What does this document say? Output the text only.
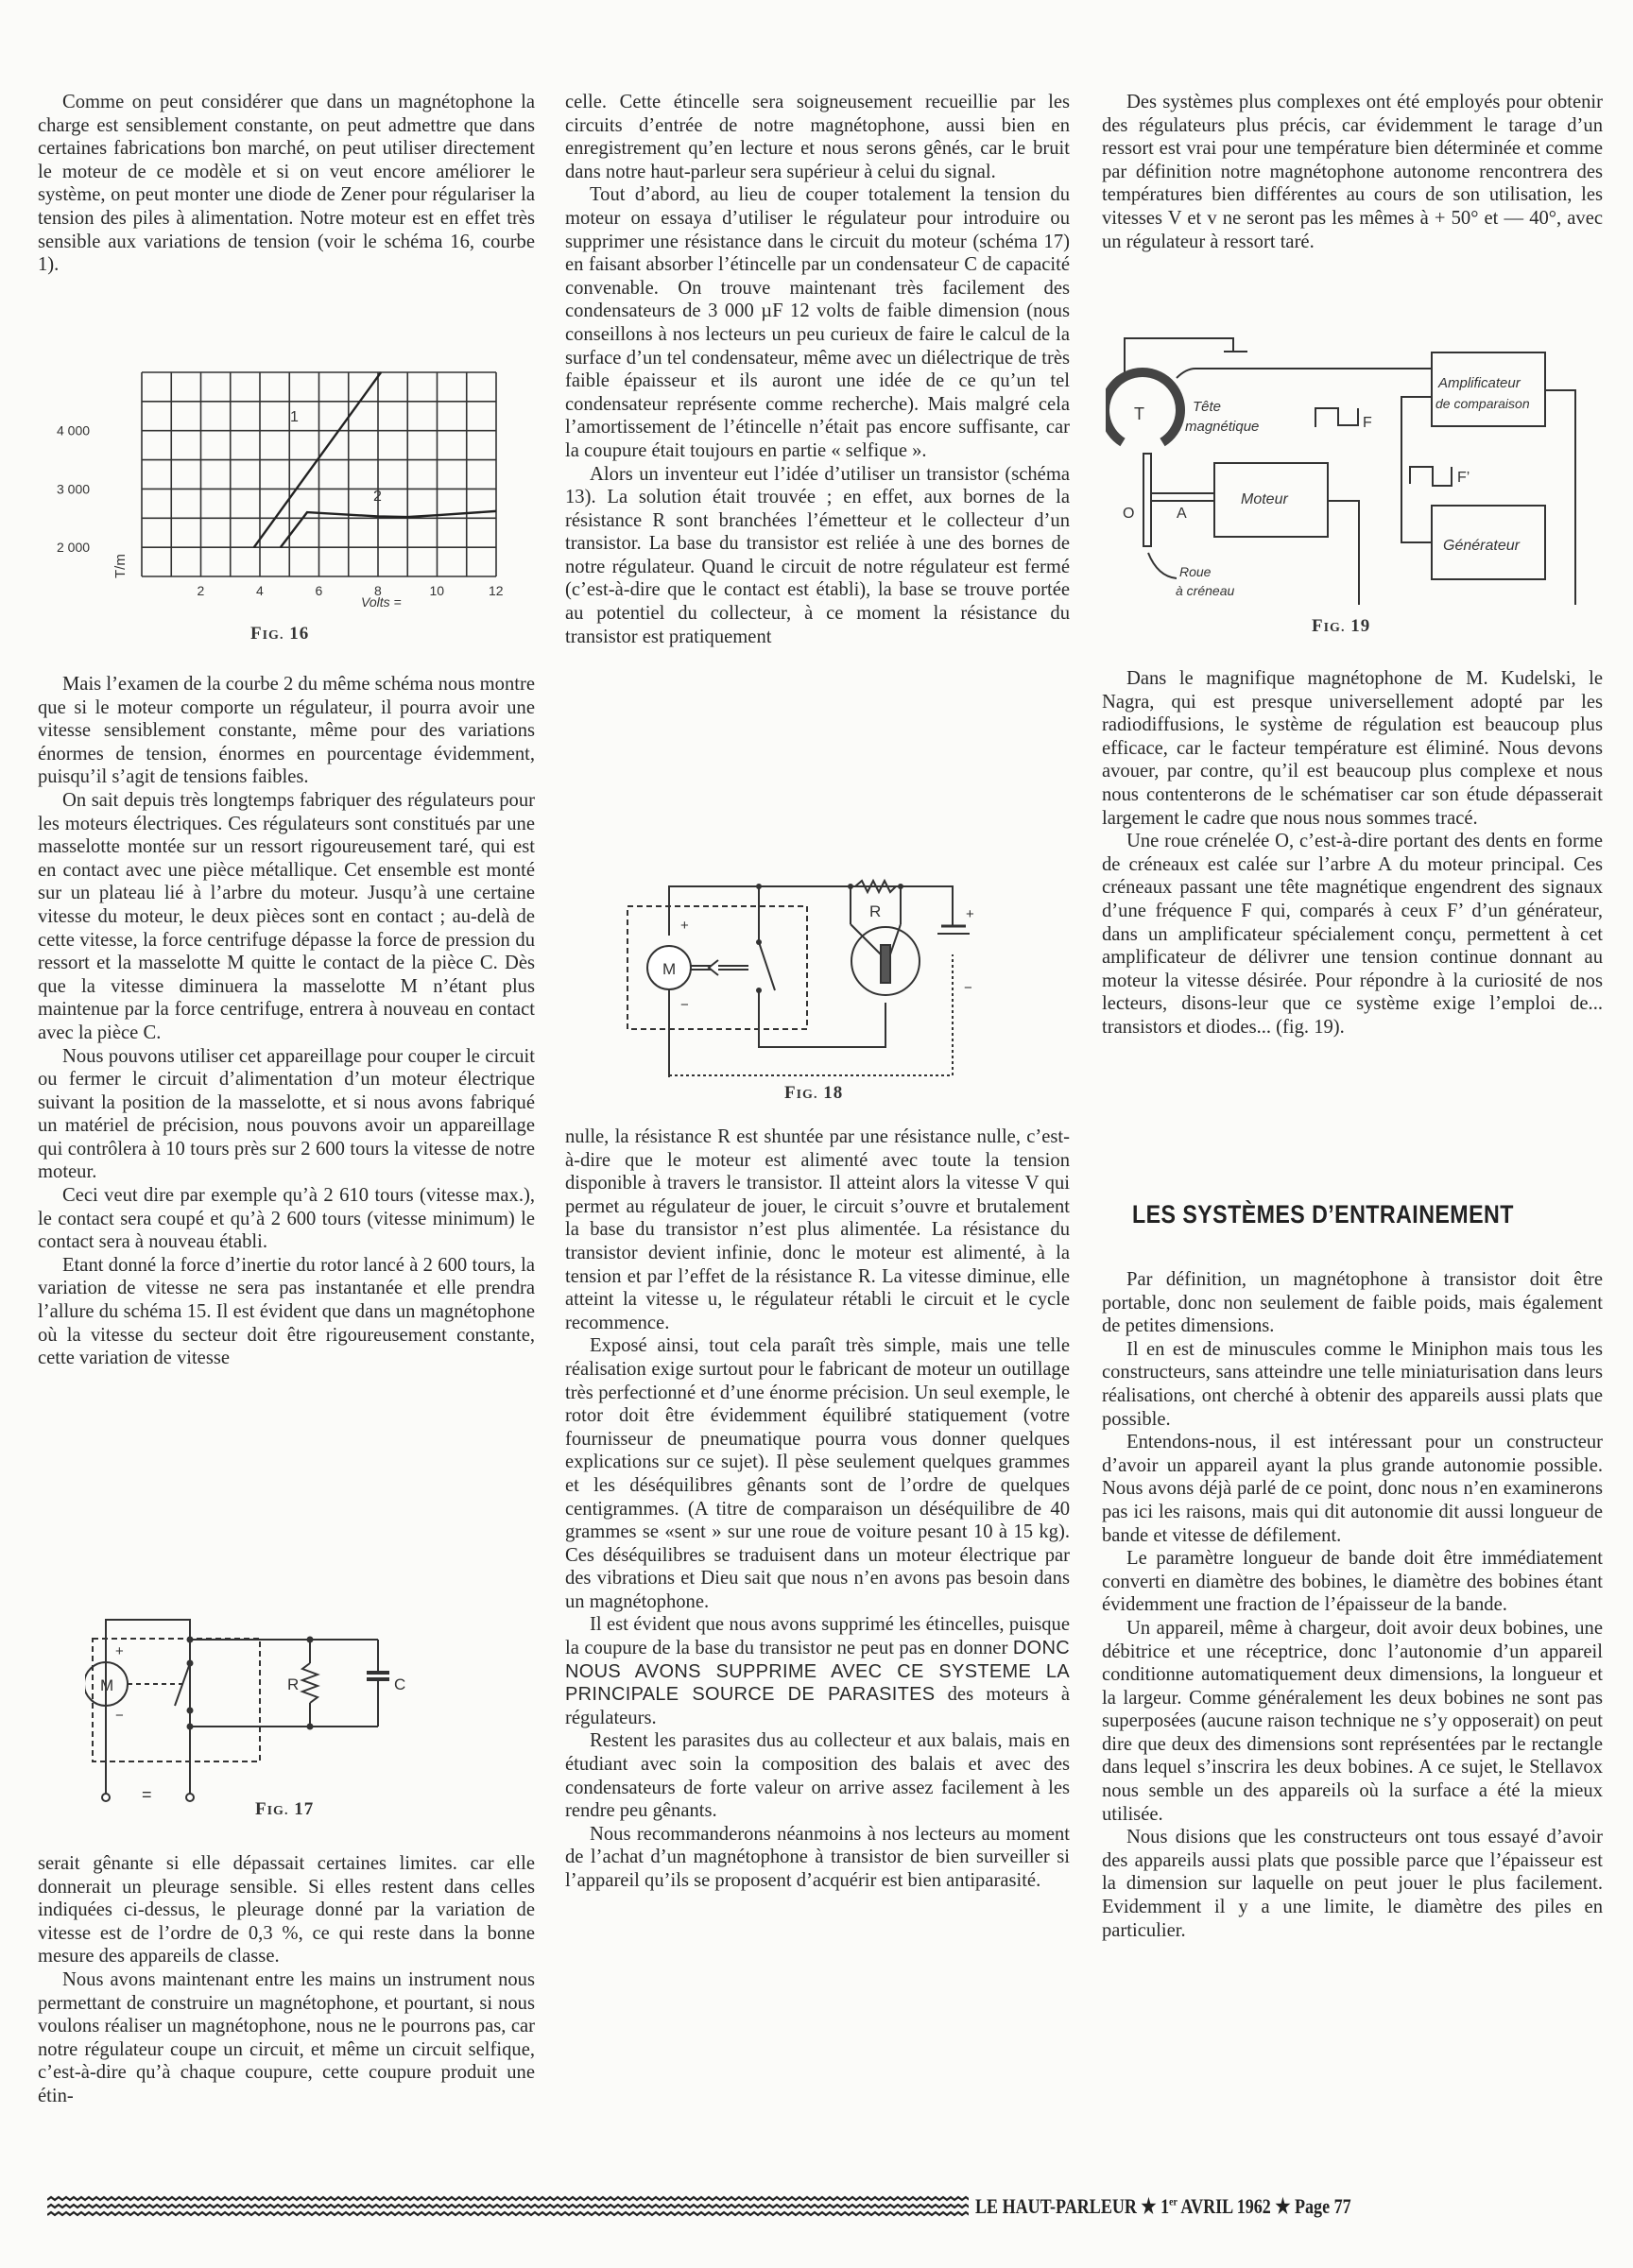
Comme on peut considérer que dans un magnétophone la charge est sensiblement constante, on peut admettre que dans certaines fabrications bon marché, on peut utiliser directement le moteur de ce modèle et si on veut encore améliorer le système, on peut monter une diode de Zener pour régulariser la tension des piles à alimentation. Notre moteur est en effet très sensible aux variations de tension (voir le schéma 16, courbe 1).

2	4	6	8	10	12
2 000
3 000
4 000
1
2
T/m
Volts =
FIG. 16

Mais l’examen de la courbe 2 du même schéma nous montre que si le moteur comporte un régulateur, il pourra avoir une vitesse sensiblement constante, même pour des variations énormes de tension, énormes en pourcentage évidemment, puisqu’il s’agit de tensions faibles.

On sait depuis très longtemps fabriquer des régulateurs pour les moteurs électriques. Ces régulateurs sont constitués par une masselotte montée sur un ressort rigoureusement taré, qui est en contact avec une pièce métallique. Cet ensemble est monté sur un plateau lié à l’arbre du moteur. Jusqu’à une certaine vitesse du moteur, le deux pièces sont en contact ; au-delà de cette vitesse, la force centrifuge dépasse la force de pression du ressort et la masselotte M quitte le contact de la pièce C. Dès que la vitesse diminuera la masselotte M n’étant plus maintenue par la force centrifuge, entrera à nouveau en contact avec la pièce C.

Nous pouvons utiliser cet appareillage pour couper le circuit ou fermer le circuit d’alimentation d’un moteur électrique suivant la position de la masselotte, et si nous avons fabriqué un matériel de précision, nous pouvons avoir un appareillage qui contrôlera à 10 tours près sur 2 600 tours la vitesse de notre moteur.

Ceci veut dire par exemple qu’à 2 610 tours (vitesse max.), le contact sera coupé et qu’à 2 600 tours (vitesse minimum) le contact sera à nouveau établi.

Etant donné la force d’inertie du rotor lancé à 2 600 tours, la variation de vitesse ne sera pas instantanée et elle prendra l’allure du schéma 15. Il est évident que dans un magnétophone où la vitesse du secteur doit être rigoureusement constante, cette variation de vitesse

M
+
−
R	C
=
FIG. 17

serait gênante si elle dépassait certaines limites. car elle donnerait un pleurage sensible. Si elles restent dans celles indiquées ci-dessus, le pleurage donné par la variation de vitesse est de l’ordre de 0,3 %, ce qui reste dans la bonne mesure des appareils de classe.

Nous avons maintenant entre les mains un instrument nous permettant de construire un magnétophone, et pourtant, si nous voulons réaliser un magnétophone, nous ne le pourrons pas, car notre régulateur coupe un circuit, et même un circuit selfique, c’est-à-dire qu’à chaque coupure, cette coupure produit une étin-

celle. Cette étincelle sera soigneusement recueillie par les circuits d’entrée de notre magnétophone, aussi bien en enregistrement qu’en lecture et nous serons gênés, car le bruit dans notre haut-parleur sera supérieur à celui du signal.

Tout d’abord, au lieu de couper totalement la tension du moteur on essaya d’utiliser le régulateur pour introduire ou supprimer une résistance dans le circuit du moteur (schéma 17) en faisant absorber l’étincelle par un condensateur C de capacité convenable. On trouve maintenant très facilement des condensateurs de 3 000 µF 12 volts de faible dimension (nous conseillons à nos lecteurs un peu curieux de faire le calcul de la surface d’un tel condensateur, même avec un diélectrique de très faible épaisseur et ils auront une idée de ce qu’un tel condensateur représente comme recherche). Mais malgré cela l’amortissement de l’étincelle n’était pas encore suffisante, car la coupure était toujours en partie « selfique ».

Alors un inventeur eut l’idée d’utiliser un transistor (schéma 13). La solution était trouvée ; en effet, aux bornes de la résistance R sont branchées l’émetteur et le collecteur d’un transistor. La base du transistor est reliée à une des bornes de notre régulateur. Quand le circuit de notre régulateur est fermé (c’est-à-dire que le contact est établi), la base se trouve portée au potentiel du collecteur, à ce moment la résistance du transistor est pratiquement

M
+
−
R	+
−
FIG. 18

nulle, la résistance R est shuntée par une résistance nulle, c’est-à-dire que le moteur est alimenté avec toute la tension disponible à travers le transistor. Il atteint alors la vitesse V qui permet au régulateur de jouer, le circuit s’ouvre et brutalement la base du transistor n’est plus alimentée. La résistance du transistor devient infinie, donc le moteur est alimenté, à la tension et par l’effet de la résistance R. La vitesse diminue, elle atteint la vitesse u, le régulateur rétabli le circuit et le cycle recommence.

Exposé ainsi, tout cela paraît très simple, mais une telle réalisation exige surtout pour le fabricant de moteur un outillage très perfectionné et d’une énorme précision. Un seul exemple, le rotor doit être évidemment équilibré statiquement (votre fournisseur de pneumatique pourra vous donner quelques explications sur ce sujet). Il pèse seulement quelques grammes et les déséquilibres gênants sont de l’ordre de quelques centigrammes. (A titre de comparaison un déséquilibre de 40 grammes se «sent » sur une roue de voiture pesant 10 à 15 kg). Ces déséquilibres se traduisent dans un moteur électrique par des vibrations et Dieu sait que nous n’en avons pas besoin dans un magnétophone.

Il est évident que nous avons supprimé les étincelles, puisque la coupure de la base du transistor ne peut pas en donner DONC NOUS AVONS SUPPRIME AVEC CE SYSTEME LA PRINCIPALE SOURCE DE PARASITES des moteurs à régulateurs.

Restent les parasites dus au collecteur et aux balais, mais en étudiant avec soin la composition des balais et avec des condensateurs de forte valeur on arrive assez facilement à les rendre peu gênants.

Nous recommanderons néanmoins à nos lecteurs au moment de l’achat d’un magnétophone à transistor de bien surveiller si l’appareil qu’ils se proposent d’acquérir est bien antiparasité.

Des systèmes plus complexes ont été employés pour obtenir des régulateurs plus précis, car évidemment le tarage d’un ressort est vrai pour une température bien déterminée et comme par définition notre magnétophone autonome rencontrera des températures bien différentes au cours de son utilisation, les vitesses V et v ne seront pas les mêmes à + 50° et — 40°, avec un régulateur à ressort taré.

T	Tête
magnétique	F
F’
Amplificateur
de comparaison
Moteur
Générateur
O	A
Roue
à créneau
FIG. 19

Dans le magnifique magnétophone de M. Kudelski, le Nagra, qui est presque universellement adopté par les radiodiffusions, le système de régulation est beaucoup plus efficace, car le facteur température est éliminé. Nous devons avouer, par contre, qu’il est beaucoup plus complexe et nous nous contenterons de le schématiser car son étude dépasserait largement le cadre que nous nous sommes tracé.

Une roue crénelée O, c’est-à-dire portant des dents en forme de créneaux est calée sur l’arbre A du moteur principal. Ces créneaux passant une tête magnétique engendrent des signaux d’une fréquence F qui, comparés à ceux F’ d’un générateur, dans un amplificateur spécialement conçu, permettent à cet amplificateur de délivrer une tension continue donnant au moteur la vitesse désirée. Pour répondre à la curiosité de nos lecteurs, disons-leur que ce système exige l’emploi de... transistors et diodes... (fig. 19).

LES SYSTÈMES D’ENTRAINEMENT

Par définition, un magnétophone à transistor doit être portable, donc non seulement de faible poids, mais également de petites dimensions.

Il en est de minuscules comme le Miniphon mais tous les constructeurs, sans atteindre une telle miniaturisation dans leurs réalisations, ont cherché à obtenir des appareils aussi plats que possible.

Entendons-nous, il est intéressant pour un constructeur d’avoir un appareil ayant la plus grande autonomie possible. Nous avons déjà parlé de ce point, donc nous n’en examinerons pas ici les raisons, mais qui dit autonomie dit aussi longueur de bande et vitesse de défilement.

Le paramètre longueur de bande doit être immédiatement converti en diamètre des bobines, le diamètre des bobines étant évidemment une fraction de l’épaisseur de la bande.

Un appareil, même à chargeur, doit avoir deux bobines, une débitrice et une réceptrice, donc l’autonomie d’un appareil conditionne automatiquement deux dimensions, la longueur et la largeur. Comme généralement les deux bobines ne sont pas superposées (aucune raison technique ne s’y opposerait) on peut dire que deux des dimensions sont représentées par le rectangle dans lequel s’inscrira les deux bobines. A ce sujet, le Stellavox nous semble un des appareils où la surface a été la mieux utilisée.

Nous disions que les constructeurs ont tous essayé d’avoir des appareils aussi plats que possible parce que l’épaisseur est la dimension sur laquelle on peut jouer le plus facilement. Evidemment il y a une limite, le diamètre des piles en particulier.

LE HAUT-PARLEUR ★ 1er AVRIL 1962 ★ Page 77
